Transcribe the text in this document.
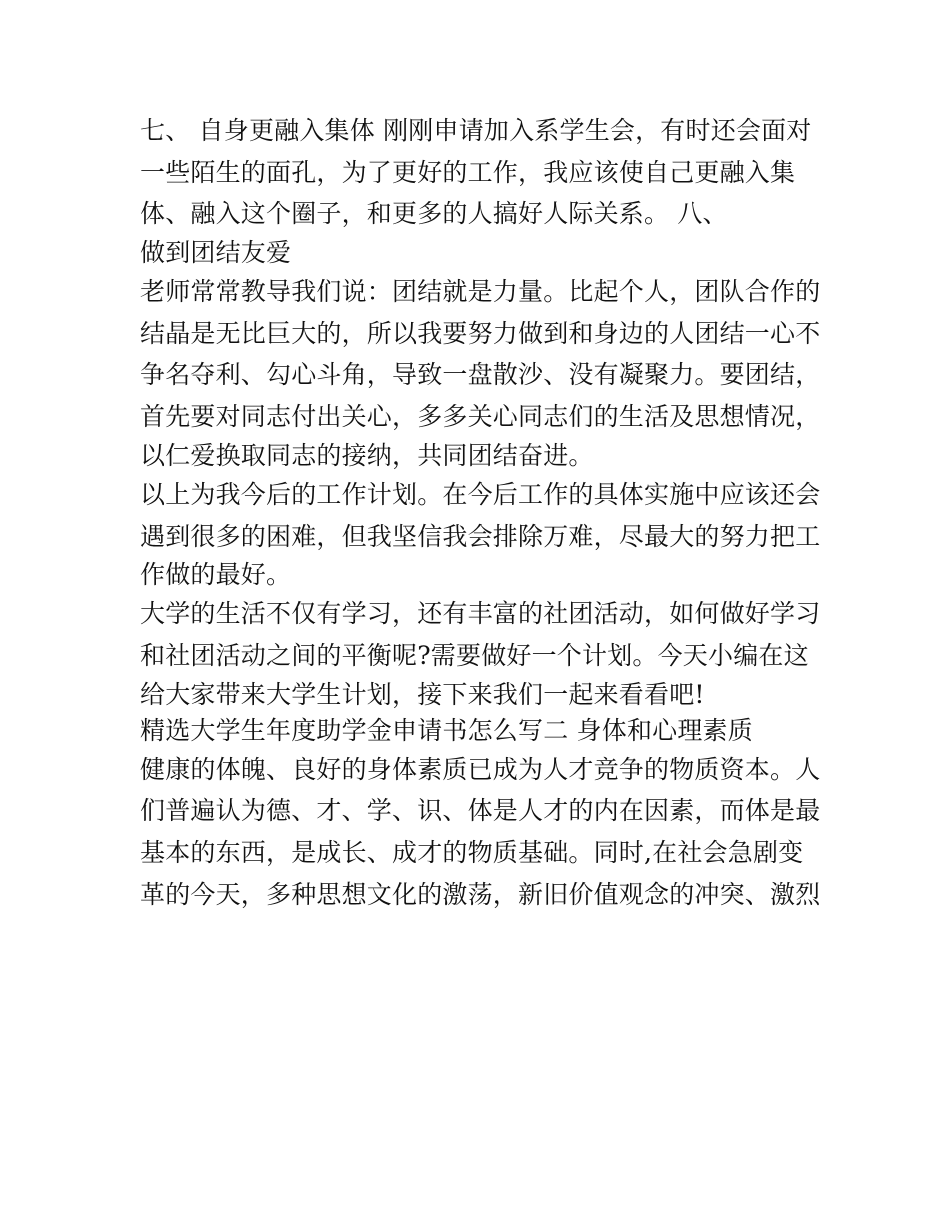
七、 自身更融入集体 刚刚申请加入系学生会，有时还会面对
一些陌生的面孔，为了更好的工作，我应该使自己更融入集
体、融入这个圈子，和更多的人搞好人际关系。 八、
做到团结友爱
老师常常教导我们说：团结就是力量。比起个人，团队合作的
结晶是无比巨大的，所以我要努力做到和身边的人团结一心不
争名夺利、勾心斗角，导致一盘散沙、没有凝聚力。要团结，
首先要对同志付出关心，多多关心同志们的生活及思想情况，
以仁爱换取同志的接纳，共同团结奋进。
以上为我今后的工作计划。在今后工作的具体实施中应该还会
遇到很多的困难，但我坚信我会排除万难，尽最大的努力把工
作做的最好。
大学的生活不仅有学习，还有丰富的社团活动，如何做好学习
和社团活动之间的平衡呢?需要做好一个计划。今天小编在这
给大家带来大学生计划，接下来我们一起来看看吧!
精选大学生年度助学金申请书怎么写二 身体和心理素质
健康的体魄、良好的身体素质已成为人才竞争的物质资本。人
们普遍认为德、才、学、识、体是人才的内在因素，而体是最
基本的东西，是成长、成才的物质基础。同时,在社会急剧变
革的今天，多种思想文化的激荡，新旧价值观念的冲突、激烈
